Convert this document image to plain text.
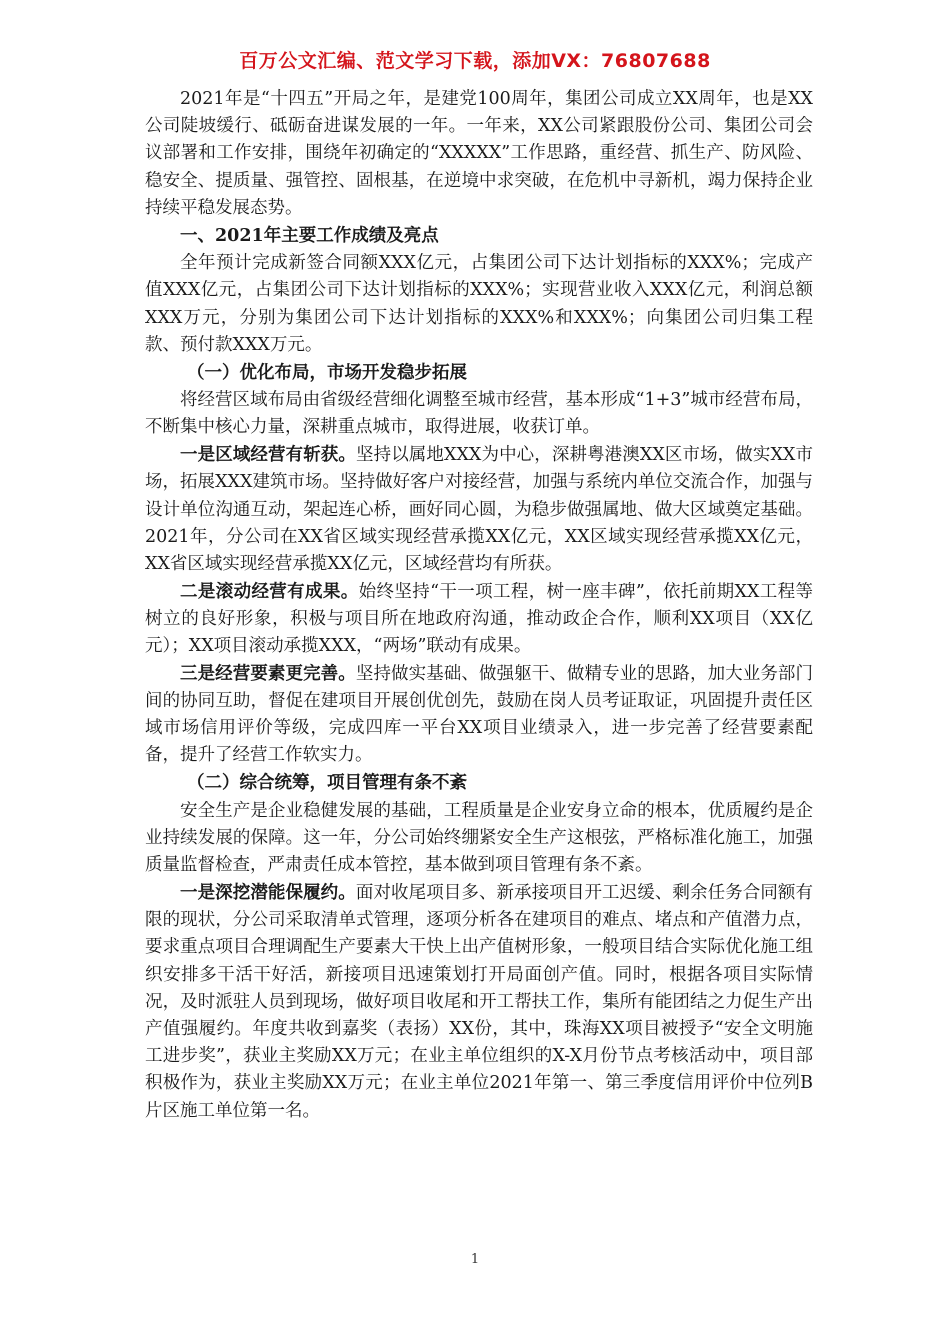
百万公文汇编、范文学习下载，添加VX：76807688

2021年是“十四五”开局之年，是建党100周年，集团公司成立XX周年，也是XX公司陡坡缓行、砥砺奋进谋发展的一年。一年来，XX公司紧跟股份公司、集团公司会议部署和工作安排，围绕年初确定的“XXXXX”工作思路，重经营、抓生产、防风险、稳安全、提质量、强管控、固根基，在逆境中求突破，在危机中寻新机，竭力保持企业持续平稳发展态势。

一、2021年主要工作成绩及亮点

全年预计完成新签合同额XXX亿元，占集团公司下达计划指标的XXX%；完成产值XXX亿元，占集团公司下达计划指标的XXX%；实现营业收入XXX亿元，利润总额XXX万元，分别为集团公司下达计划指标的XXX%和XXX%；向集团公司归集工程款、预付款XXX万元。

（一）优化布局，市场开发稳步拓展

将经营区域布局由省级经营细化调整至城市经营，基本形成“1+3”城市经营布局，不断集中核心力量，深耕重点城市，取得进展，收获订单。

一是区域经营有斩获。坚持以属地XXX为中心，深耕粤港澳XX区市场，做实XX市场，拓展XXX建筑市场。坚持做好客户对接经营，加强与系统内单位交流合作，加强与设计单位沟通互动，架起连心桥，画好同心圆，为稳步做强属地、做大区域奠定基础。2021年，分公司在XX省区域实现经营承揽XX亿元，XX区域实现经营承揽XX亿元，XX省区域实现经营承揽XX亿元，区域经营均有所获。

二是滚动经营有成果。始终坚持“干一项工程，树一座丰碑”，依托前期XX工程等树立的良好形象，积极与项目所在地政府沟通，推动政企合作，顺利XX项目（XX亿元）；XX项目滚动承揽XXX，“两场”联动有成果。

三是经营要素更完善。坚持做实基础、做强躯干、做精专业的思路，加大业务部门间的协同互助，督促在建项目开展创优创先，鼓励在岗人员考证取证，巩固提升责任区域市场信用评价等级，完成四库一平台XX项目业绩录入，进一步完善了经营要素配备，提升了经营工作软实力。

（二）综合统筹，项目管理有条不紊

安全生产是企业稳健发展的基础，工程质量是企业安身立命的根本，优质履约是企业持续发展的保障。这一年，分公司始终绷紧安全生产这根弦，严格标准化施工，加强质量监督检查，严肃责任成本管控，基本做到项目管理有条不紊。

一是深挖潜能保履约。面对收尾项目多、新承接项目开工迟缓、剩余任务合同额有限的现状，分公司采取清单式管理，逐项分析各在建项目的难点、堵点和产值潜力点，要求重点项目合理调配生产要素大干快上出产值树形象，一般项目结合实际优化施工组织安排多干活干好活，新接项目迅速策划打开局面创产值。同时，根据各项目实际情况，及时派驻人员到现场，做好项目收尾和开工帮扶工作，集所有能团结之力促生产出产值强履约。年度共收到嘉奖（表扬）XX份，其中，珠海XX项目被授予“安全文明施工进步奖”，获业主奖励XX万元；在业主单位组织的X-X月份节点考核活动中，项目部积极作为，获业主奖励XX万元；在业主单位2021年第一、第三季度信用评价中位列B片区施工单位第一名。

1
